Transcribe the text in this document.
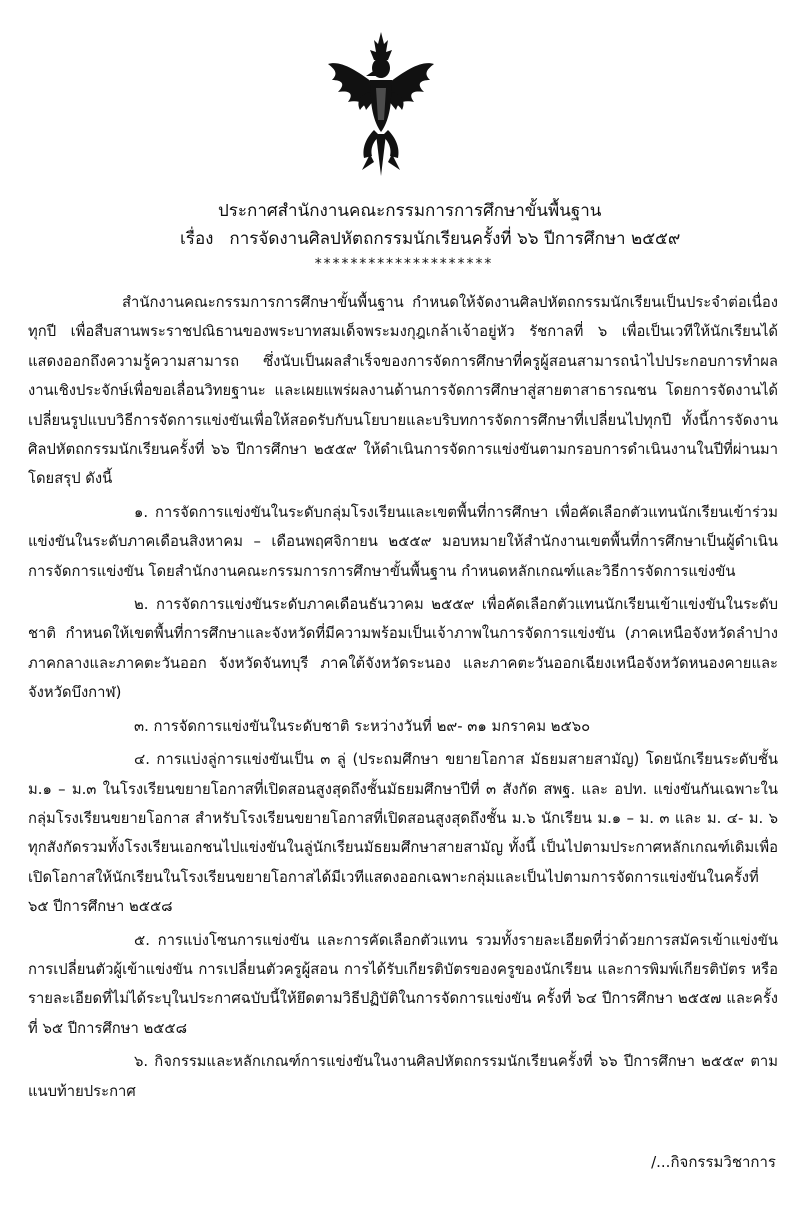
ประกาศสำนักงานคณะกรรมการการศึกษาขั้นพื้นฐาน
เรื่อง การจัดงานศิลปหัตถกรรมนักเรียนครั้งที่ ๖๖ ปีการศึกษา ๒๕๕๙
********************

สำนักงานคณะกรรมการการศึกษาขั้นพื้นฐาน กำหนดให้จัดงานศิลปหัตถกรรมนักเรียนเป็นประจำต่อเนื่องทุกปี เพื่อสืบสานพระราชปณิธานของพระบาทสมเด็จพระมงกุฎเกล้าเจ้าอยู่หัว รัชกาลที่ ๖ เพื่อเป็นเวทีให้นักเรียนได้แสดงออกถึงความรู้ความสามารถ ซึ่งนับเป็นผลสำเร็จของการจัดการศึกษาที่ครูผู้สอนสามารถนำไปประกอบการทำผลงานเชิงประจักษ์เพื่อขอเลื่อนวิทยฐานะ และเผยแพร่ผลงานด้านการจัดการศึกษาสู่สายตาสาธารณชน โดยการจัดงานได้เปลี่ยนรูปแบบวิธีการจัดการแข่งขันเพื่อให้สอดรับกับนโยบายและบริบทการจัดการศึกษาที่เปลี่ยนไปทุกปี ทั้งนี้การจัดงานศิลปหัตถกรรมนักเรียนครั้งที่ ๖๖ ปีการศึกษา ๒๕๕๙ ให้ดำเนินการจัดการแข่งขันตามกรอบการดำเนินงานในปีที่ผ่านมา โดยสรุป ดังนี้

๑. การจัดการแข่งขันในระดับกลุ่มโรงเรียนและเขตพื้นที่การศึกษา เพื่อคัดเลือกตัวแทนนักเรียนเข้าร่วมแข่งขันในระดับภาคเดือนสิงหาคม – เดือนพฤศจิกายน ๒๕๕๙ มอบหมายให้สำนักงานเขตพื้นที่การศึกษาเป็นผู้ดำเนินการจัดการแข่งขัน โดยสำนักงานคณะกรรมการการศึกษาขั้นพื้นฐาน กำหนดหลักเกณฑ์และวิธีการจัดการแข่งขัน

๒. การจัดการแข่งขันระดับภาคเดือนธันวาคม ๒๕๕๙ เพื่อคัดเลือกตัวแทนนักเรียนเข้าแข่งขันในระดับชาติ กำหนดให้เขตพื้นที่การศึกษาและจังหวัดที่มีความพร้อมเป็นเจ้าภาพในการจัดการแข่งขัน (ภาคเหนือจังหวัดลำปาง ภาคกลางและภาคตะวันออก จังหวัดจันทบุรี ภาคใต้จังหวัดระนอง และภาคตะวันออกเฉียงเหนือจังหวัดหนองคายและจังหวัดบึงกาฬ)

๓. การจัดการแข่งขันในระดับชาติ ระหว่างวันที่ ๒๙- ๓๑ มกราคม ๒๕๖๐

๔. การแบ่งลู่การแข่งขันเป็น ๓ ลู่ (ประถมศึกษา ขยายโอกาส มัธยมสายสามัญ) โดยนักเรียนระดับชั้น ม.๑ – ม.๓ ในโรงเรียนขยายโอกาสที่เปิดสอนสูงสุดถึงชั้นมัธยมศึกษาปีที่ ๓ สังกัด สพฐ. และ อปท. แข่งขันกันเฉพาะในกลุ่มโรงเรียนขยายโอกาส สำหรับโรงเรียนขยายโอกาสที่เปิดสอนสูงสุดถึงชั้น ม.๖ นักเรียน ม.๑ – ม. ๓ และ ม. ๔- ม. ๖ ทุกสังกัดรวมทั้งโรงเรียนเอกชนไปแข่งขันในลู่นักเรียนมัธยมศึกษาสายสามัญ ทั้งนี้ เป็นไปตามประกาศหลักเกณฑ์เดิมเพื่อเปิดโอกาสให้นักเรียนในโรงเรียนขยายโอกาสได้มีเวทีแสดงออกเฉพาะกลุ่มและเป็นไปตามการจัดการแข่งขันในครั้งที่ ๖๕ ปีการศึกษา ๒๕๕๘

๕. การแบ่งโซนการแข่งขัน และการคัดเลือกตัวแทน รวมทั้งรายละเอียดที่ว่าด้วยการสมัครเข้าแข่งขัน การเปลี่ยนตัวผู้เข้าแข่งขัน การเปลี่ยนตัวครูผู้สอน การได้รับเกียรติบัตรของครูของนักเรียน และการพิมพ์เกียรติบัตร หรือรายละเอียดที่ไม่ได้ระบุในประกาศฉบับนี้ให้ยึดตามวิธีปฏิบัติในการจัดการแข่งขัน ครั้งที่ ๖๔ ปีการศึกษา ๒๕๕๗ และครั้งที่ ๖๕ ปีการศึกษา ๒๕๕๘

๖. กิจกรรมและหลักเกณฑ์การแข่งขันในงานศิลปหัตถกรรมนักเรียนครั้งที่ ๖๖ ปีการศึกษา ๒๕๕๙ ตามแนบท้ายประกาศ

/...กิจกรรมวิชาการ
